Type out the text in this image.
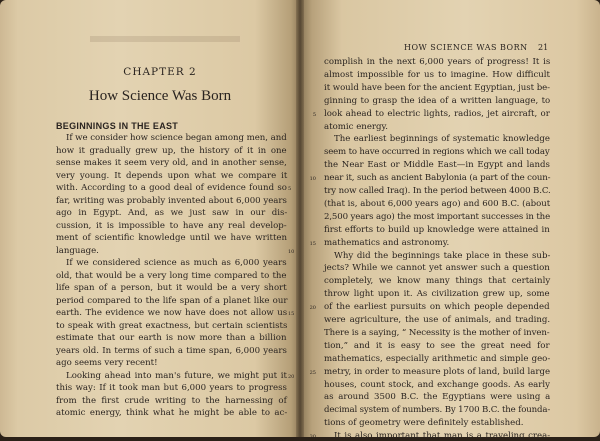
CHAPTER 2
How Science Was Born
BEGINNINGS IN THE EAST
If we consider how science began among men, and
how it gradually grew up, the history of it in one
sense makes it seem very old, and in another sense,
very young. It depends upon what we compare it
with. According to a good deal of evidence found so
far, writing was probably invented about 6,000 years
ago in Egypt. And, as we just saw in our dis-
cussion, it is impossible to have any real develop-
ment of scientific knowledge until we have written
language.
If we considered science as much as 6,000 years
old, that would be a very long time compared to the
life span of a person, but it would be a very short
period compared to the life span of a planet like our
earth. The evidence we now have does not allow us
to speak with great exactness, but certain scientists
estimate that our earth is now more than a billion
years old. In terms of such a time span, 6,000 years
ago seems very recent!
Looking ahead into man's future, we might put it
this way: If it took man but 6,000 years to progress
from the first crude writing to the harnessing of
atomic energy, think what he might be able to ac-
5
10
15
20
HOW SCIENCE WAS BORN 21
complish in the next 6,000 years of progress! It is
almost impossible for us to imagine. How difficult
it would have been for the ancient Egyptian, just be-
ginning to grasp the idea of a written language, to
look ahead to electric lights, radios, jet aircraft, or
atomic energy.
The earliest beginnings of systematic knowledge
seem to have occurred in regions which we call today
the Near East or Middle East—in Egypt and lands
near it, such as ancient Babylonia (a part of the coun-
try now called Iraq). In the period between 4000 B.C.
(that is, about 6,000 years ago) and 600 B.C. (about
2,500 years ago) the most important successes in the
first efforts to build up knowledge were attained in
mathematics and astronomy.
Why did the beginnings take place in these sub-
jects? While we cannot yet answer such a question
completely, we know many things that certainly
throw light upon it. As civilization grew up, some
of the earliest pursuits on which people depended
were agriculture, the use of animals, and trading.
There is a saying, “ Necessity is the mother of inven-
tion,” and it is easy to see the great need for
mathematics, especially arithmetic and simple geo-
metry, in order to measure plots of land, build large
houses, count stock, and exchange goods. As early
as around 3500 B.C. the Egyptians were using a
decimal system of numbers. By 1700 B.C. the founda-
tions of geometry were definitely established.
It is also important that man is a traveling crea-
5
10
15
20
25
30
